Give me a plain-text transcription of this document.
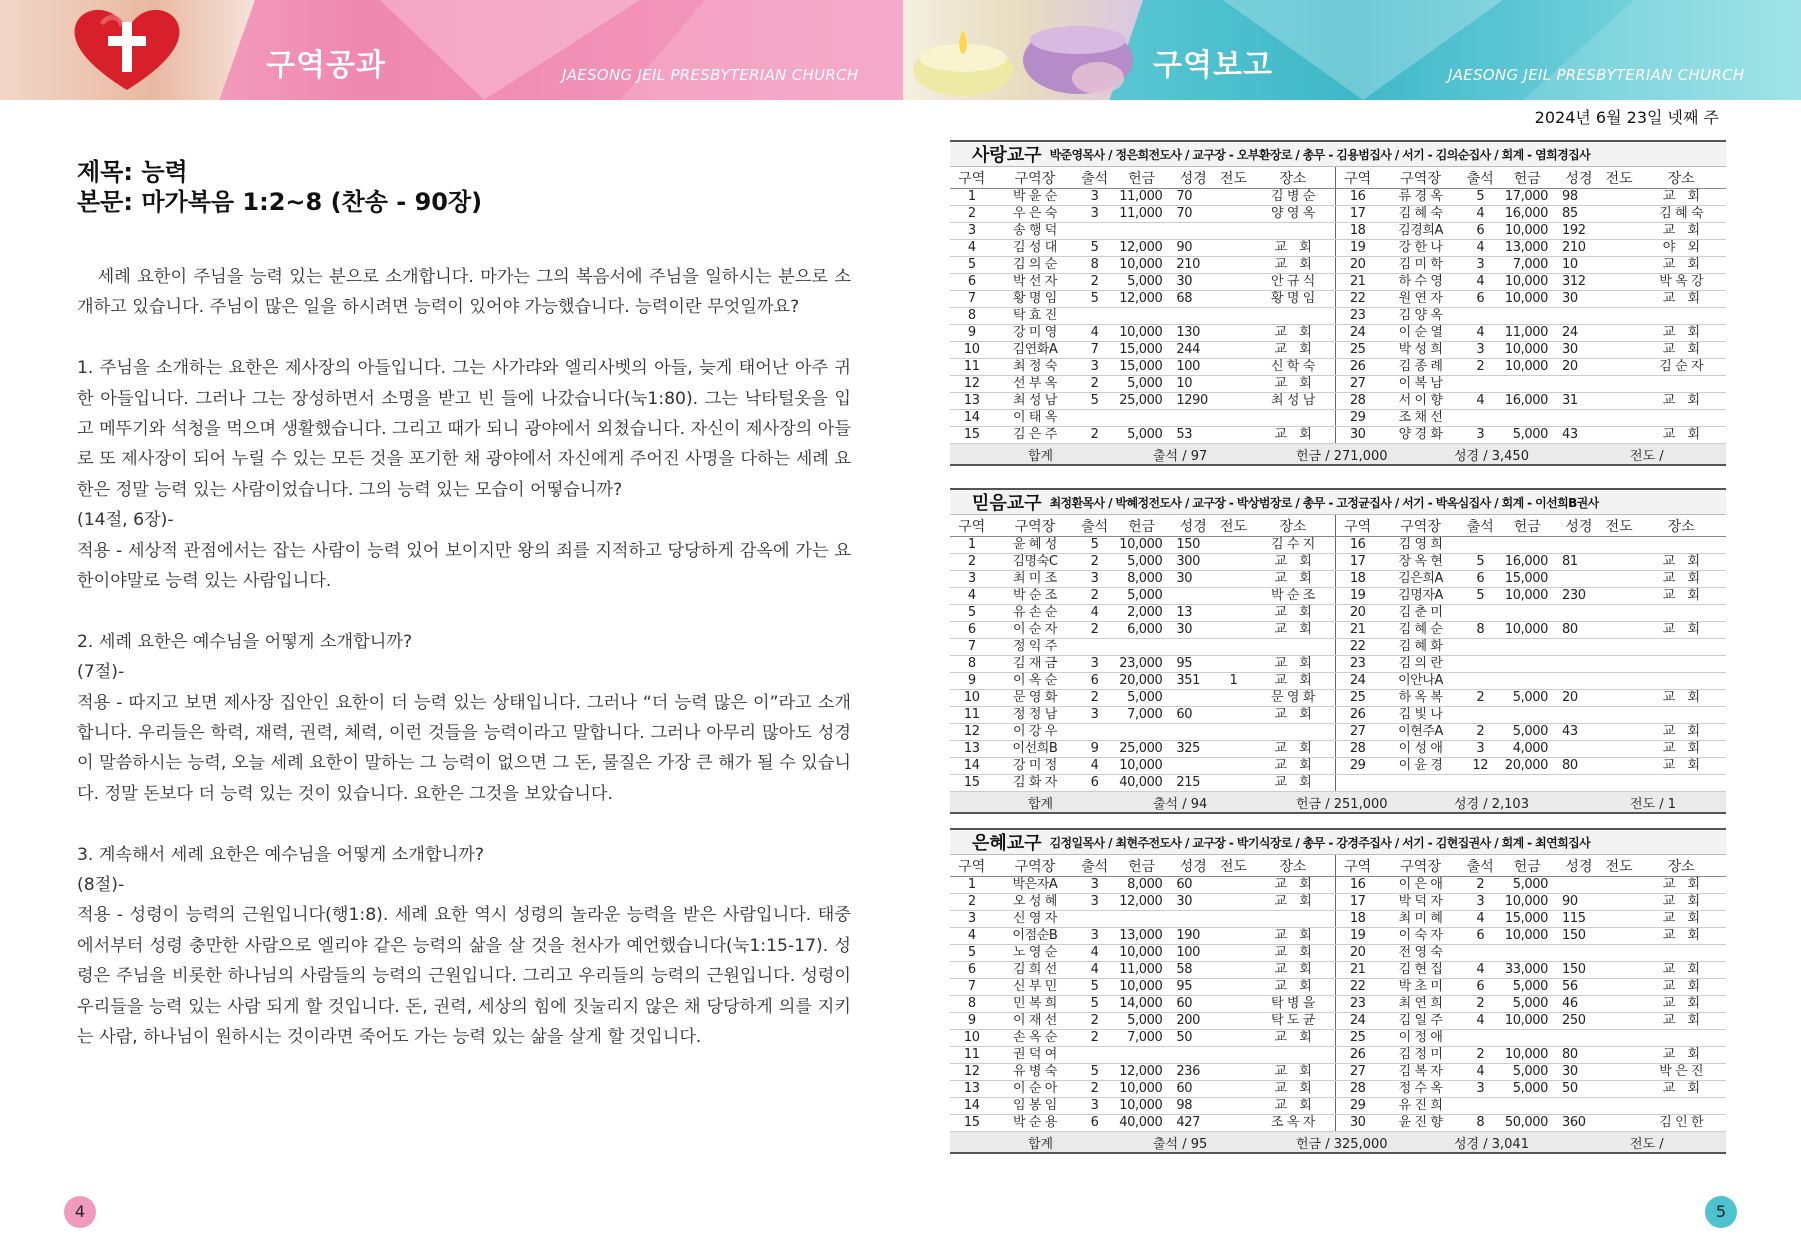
구역공과	JAESONG JEIL PRESBYTERIAN CHURCH	구역보고	JAESONG JEIL PRESBYTERIAN CHURCH
제목: 능력
본문: 마가복음 1:2~8 (찬송 - 90장)

세례 요한이 주님을 능력 있는 분으로 소개합니다. 마가는 그의 복음서에 주님을 일하시는 분으로 소개하고 있습니다. 주님이 많은 일을 하시려면 능력이 있어야 가능했습니다. 능력이란 무엇일까요?

1. 주님을 소개하는 요한은 제사장의 아들입니다. 그는 사가랴와 엘리사벳의 아들, 늦게 태어난 아주 귀한 아들입니다. 그러나 그는 장성하면서 소명을 받고 빈 들에 나갔습니다(눅1:80). 그는 낙타털옷을 입고 메뚜기와 석청을 먹으며 생활했습니다. 그리고 때가 되니 광야에서 외쳤습니다. 자신이 제사장의 아들로 또 제사장이 되어 누릴 수 있는 모든 것을 포기한 채 광야에서 자신에게 주어진 사명을 다하는 세례 요한은 정말 능력 있는 사람이었습니다. 그의 능력 있는 모습이 어떻습니까?

(14절, 6장)-

적용 - 세상적 관점에서는 잡는 사람이 능력 있어 보이지만 왕의 죄를 지적하고 당당하게 감옥에 가는 요한이야말로 능력 있는 사람입니다.

2. 세례 요한은 예수님을 어떻게 소개합니까?

(7절)-

적용 - 따지고 보면 제사장 집안인 요한이 더 능력 있는 상태입니다. 그러나 “더 능력 많은 이”라고 소개합니다. 우리들은 학력, 재력, 권력, 체력, 이런 것들을 능력이라고 말합니다. 그러나 아무리 많아도 성경이 말씀하시는 능력, 오늘 세례 요한이 말하는 그 능력이 없으면 그 돈, 물질은 가장 큰 해가 될 수 있습니다. 정말 돈보다 더 능력 있는 것이 있습니다. 요한은 그것을 보았습니다.

3. 계속해서 세례 요한은 예수님을 어떻게 소개합니까?

(8절)-

적용 - 성령이 능력의 근원입니다(행1:8). 세례 요한 역시 성령의 놀라운 능력을 받은 사람입니다. 태중에서부터 성령 충만한 사람으로 엘리야 같은 능력의 삶을 살 것을 천사가 예언했습니다(눅1:15-17). 성령은 주님을 비롯한 하나님의 사람들의 능력의 근원입니다. 그리고 우리들의 능력의 근원입니다. 성령이 우리들을 능력 있는 사람 되게 할 것입니다. 돈, 권력, 세상의 힘에 짓눌리지 않은 채 당당하게 의를 지키는 사람, 하나님이 원하시는 것이라면 죽어도 가는 능력 있는 삶을 살게 할 것입니다.

4	5
2024년 6월 23일 넷째 주
사랑교구 박준영목사 / 정은희전도사 / 교구장 - 오부환장로 / 총무 - 김용범집사 / 서기 - 김의순집사 / 회계 - 염희경집사
구역	구역장	출석	헌금	성경	전도	장소	구역	구역장	출석	헌금	성경	전도	장소
1	박 윤 순	3	11,000	70		김 병 순	16	류 경 옥	5	17,000	98		교　회
2	우 은 숙	3	11,000	70		양 영 옥	17	김 혜 숙	4	16,000	85		김 혜 숙
3	송 행 덕						18	김경희A	6	10,000	192		교　회
4	김 성 대	5	12,000	90		교　회	19	강 한 나	4	13,000	210		야　외
5	김 의 순	8	10,000	210		교　회	20	김 미 학	3	7,000	10		교　회
6	박 선 자	2	5,000	30		안 규 식	21	하 수 영	4	10,000	312		박 옥 강
7	황 명 임	5	12,000	68		황 명 임	22	원 연 자	6	10,000	30		교　회
8	탁 효 진						23	김 양 옥					
9	강 미 영	4	10,000	130		교　회	24	이 순 열	4	11,000	24		교　회
10	김연화A	7	15,000	244		교　회	25	박 성 희	3	10,000	30		교　회
11	최 정 숙	3	15,000	100		신 학 숙	26	김 종 례	2	10,000	20		김 순 자
12	선 부 옥	2	5,000	10		교　회	27	이 복 남					
13	최 성 남	5	25,000	1290		최 성 남	28	서 이 향	4	16,000	31		교　회
14	이 태 옥						29	조 채 선					
15	김 은 주	2	5,000	53		교　회	30	양 경 화	3	5,000	43		교　회
합계	출석 / 97	헌금 / 271,000	성경 / 3,450	전도 /
믿음교구 최정환목사 / 박혜정전도사 / 교구장 - 박상범장로 / 총무 - 고정균집사 / 서기 - 박옥심집사 / 회계 - 이선희B권사
구역	구역장	출석	헌금	성경	전도	장소	구역	구역장	출석	헌금	성경	전도	장소
1	윤 혜 성	5	10,000	150		김 수 지	16	김 영 희					
2	김명숙C	2	5,000	300		교　회	17	장 옥 현	5	16,000	81		교　회
3	최 미 조	3	8,000	30		교　회	18	김은희A	6	15,000			교　회
4	박 순 조	2	5,000			박 순 조	19	김명자A	5	10,000	230		교　회
5	유 손 순	4	2,000	13		교　회	20	김 춘 미					
6	이 순 자	2	6,000	30		교　회	21	김 혜 순	8	10,000	80		교　회
7	정 익 주						22	김 혜 화					
8	김 재 금	3	23,000	95		교　회	23	김 의 란					
9	이 옥 순	6	20,000	351	1	교　회	24	이안나A					
10	문 영 화	2	5,000			문 영 화	25	하 옥 복	2	5,000	20		교　회
11	정 정 남	3	7,000	60		교　회	26	김 빛 나					
12	이 강 우						27	이현주A	2	5,000	43		교　회
13	이선희B	9	25,000	325		교　회	28	이 성 애	3	4,000			교　회
14	강 미 정	4	10,000			교　회	29	이 윤 경	12	20,000	80		교　회
15	김 화 자	6	40,000	215		교　회							
합계	출석 / 94	헌금 / 251,000	성경 / 2,103	전도 / 1
은혜교구 김정일목사 / 최현주전도사 / 교구장 - 박기식장로 / 총무 - 강경주집사 / 서기 - 김현집권사 / 회계 - 최연희집사
구역	구역장	출석	헌금	성경	전도	장소	구역	구역장	출석	헌금	성경	전도	장소
1	박은자A	3	8,000	60		교　회	16	이 은 애	2	5,000			교　회
2	오 성 혜	3	12,000	30		교　회	17	박 덕 자	3	10,000	90		교　회
3	신 영 자						18	최 미 혜	4	15,000	115		교　회
4	이점순B	3	13,000	190		교　회	19	이 숙 자	6	10,000	150		교　회
5	노 영 순	4	10,000	100		교　회	20	전 영 숙					
6	김 희 선	4	11,000	58		교　회	21	김 현 집	4	33,000	150		교　회
7	신 부 민	5	10,000	95		교　회	22	박 초 미	6	5,000	56		교　회
8	민 복 희	5	14,000	60		탁 병 을	23	최 연 희	2	5,000	46		교　회
9	이 재 선	2	5,000	200		탁 도 균	24	김 일 주	4	10,000	250		교　회
10	손 옥 순	2	7,000	50		교　회	25	이 정 애					
11	권 덕 여						26	김 정 미	2	10,000	80		교　회
12	유 병 숙	5	12,000	236		교　회	27	김 복 자	4	5,000	30		박 은 진
13	이 순 아	2	10,000	60		교　회	28	정 수 옥	3	5,000	50		교　회
14	임 봉 임	3	10,000	98		교　회	29	유 진 희					
15	박 순 용	6	40,000	427		조 옥 자	30	윤 진 향	8	50,000	360		김 인 한
합계	출석 / 95	헌금 / 325,000	성경 / 3,041	전도 /
